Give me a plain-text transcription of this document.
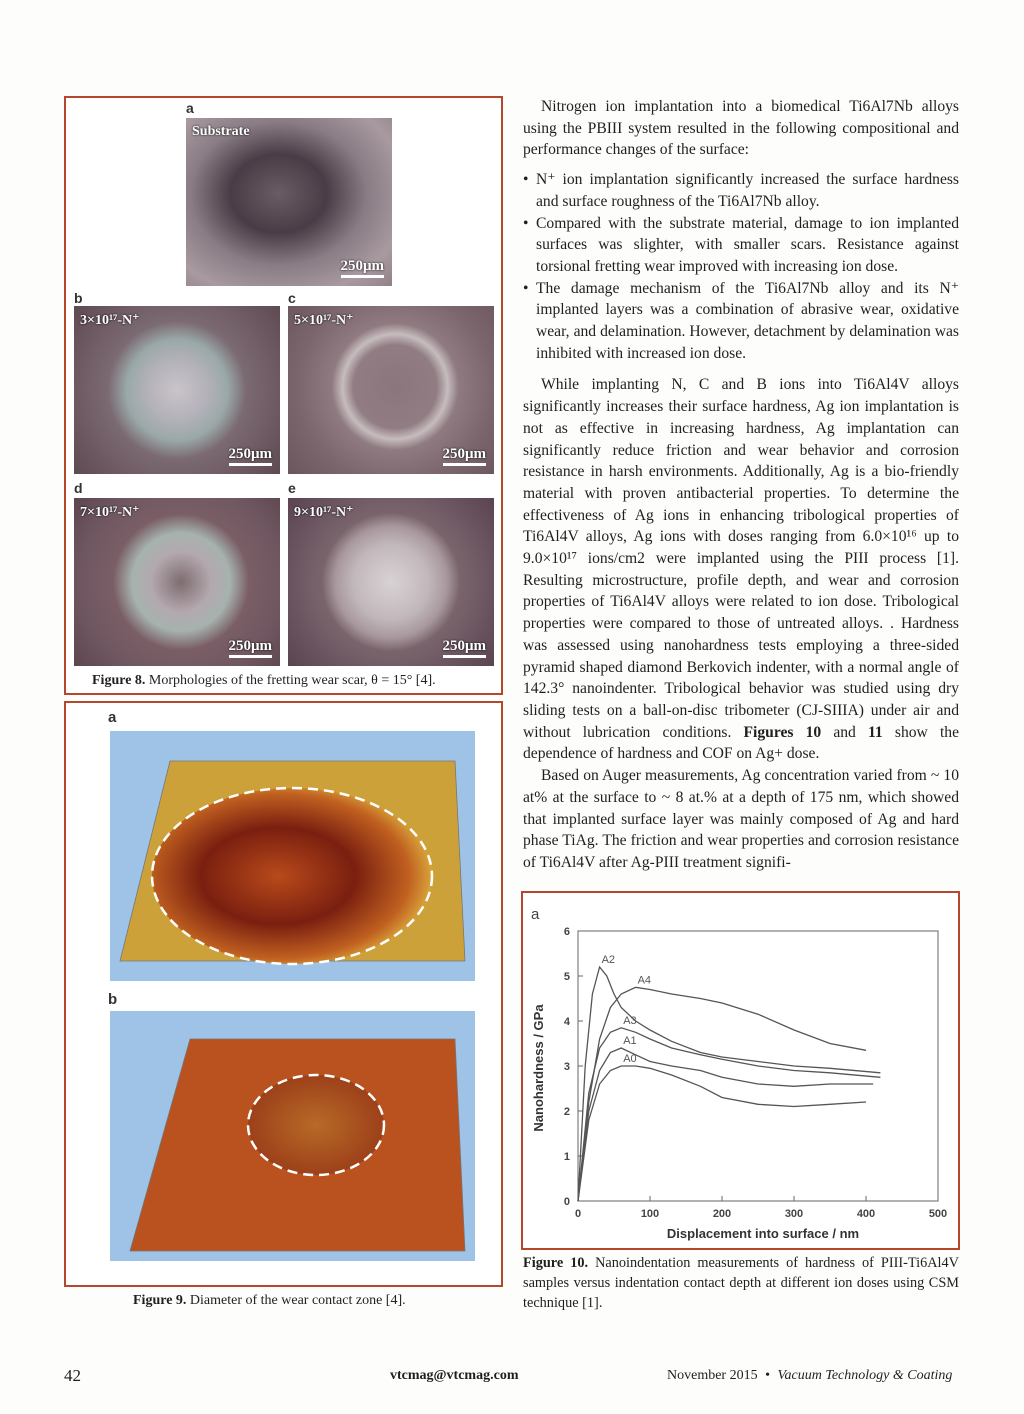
a
Substrate
250μm
b	c
3×10¹⁷-N⁺
250μm
5×10¹⁷-N⁺
250μm
d	e
7×10¹⁷-N⁺
250μm
9×10¹⁷-N⁺
250μm
Figure 8. Morphologies of the fretting wear scar, θ = 15° [4].
a
b
Figure 9. Diameter of the wear contact zone [4].

Nitrogen ion implantation into a biomedical Ti6Al7Nb alloys using the PBIII system resulted in the following compositional and performance changes of the surface:

• N⁺ ion implantation significantly increased the surface hardness and surface roughness of the Ti6Al7Nb alloy.
• Compared with the substrate material, damage to ion implanted surfaces was slighter, with smaller scars. Resistance against torsional fretting wear improved with increasing ion dose.
• The damage mechanism of the Ti6Al7Nb alloy and its N⁺ implanted layers was a combination of abrasive wear, oxidative wear, and delamination. However, detachment by delamination was inhibited with increased ion dose.

While implanting N, C and B ions into Ti6Al4V alloys significantly increases their surface hardness, Ag ion implantation is not as effective in increasing hardness, Ag implantation can significantly reduce friction and wear behavior and corrosion resistance in harsh environments. Additionally, Ag is a bio-friendly material with proven antibacterial properties. To determine the effectiveness of Ag ions in enhancing tribological properties of Ti6Al4V alloys, Ag ions with doses ranging from 6.0×10¹⁶ up to 9.0×10¹⁷ ions/cm2 were implanted using the PIII process [1]. Resulting microstructure, profile depth, and wear and corrosion properties of Ti6Al4V alloys were related to ion dose. Tribological properties were compared to those of untreated alloys. . Hardness was assessed using nanohardness tests employing a three-sided pyramid shaped diamond Berkovich indenter, with a normal angle of 142.3° nanoindenter. Tribological behavior was studied using dry sliding tests on a ball-on-disc tribometer (CJ-SIIIA) under air and without lubrication conditions. Figures 10 and 11 show the dependence of hardness and COF on Ag+ dose.

Based on Auger measurements, Ag concentration varied from ~ 10 at% at the surface to ~ 8 at.% at a depth of 175 nm, which showed that implanted surface layer was mainly composed of Ag and hard phase TiAg. The friction and wear properties and corrosion resistance of Ti6Al4V after Ag-PIII treatment signifi-

a
0	100	200	300	400	500
0
1
2
3
4
5
6
A0
A1
A2
A3
A4
Displacement into surface / nm
Nanohardness / GPa
Figure 10. Nanoindentation measurements of hardness of PIII-Ti6Al4V samples versus indentation contact depth at different ion doses using CSM technique [1].
42	vtcmag@vtcmag.com	November 2015 • Vacuum Technology & Coating
